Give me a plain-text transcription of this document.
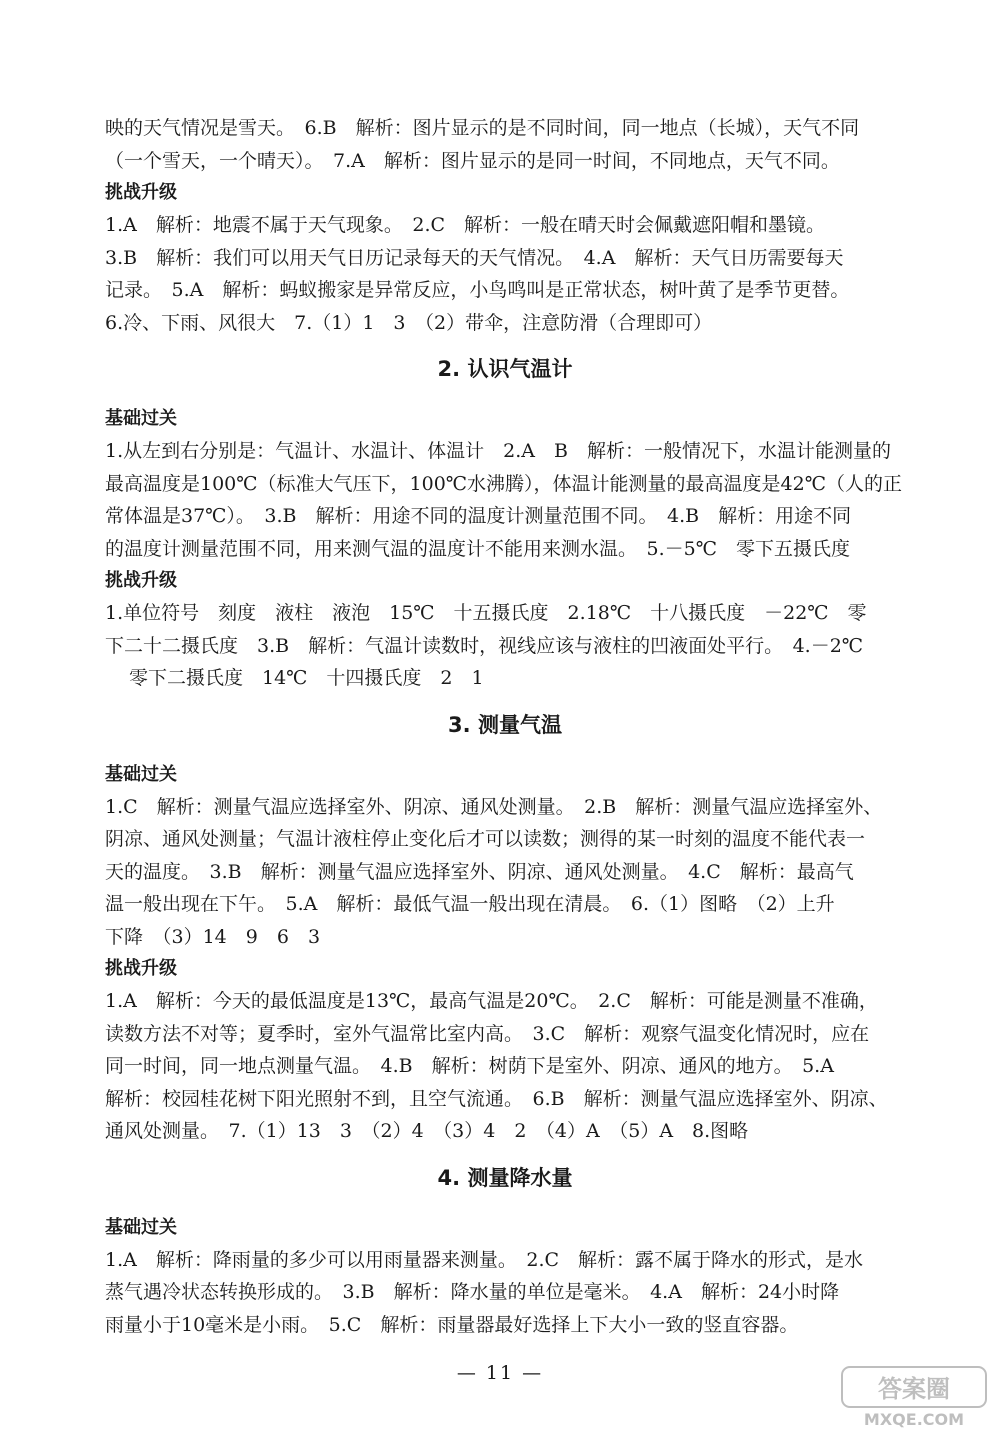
映的天气情况是雪天。　6.B　解析：图片显示的是不同时间，同一地点（长城），天气不同
（一个雪天，一个晴天）。　7.A　解析：图片显示的是同一时间，不同地点，天气不同。
挑战升级
1.A　解析：地震不属于天气现象。　2.C　解析：一般在晴天时会佩戴遮阳帽和墨镜。
3.B　解析：我们可以用天气日历记录每天的天气情况。　4.A　解析：天气日历需要每天
记录。　5.A　解析：蚂蚁搬家是异常反应，小鸟鸣叫是正常状态，树叶黄了是季节更替。
6.冷、下雨、风很大　7.（1）1　3　（2）带伞，注意防滑（合理即可）
2. 认识气温计
基础过关
1.从左到右分别是：气温计、水温计、体温计　2.A　B　解析：一般情况下，水温计能测量的
最高温度是100℃（标准大气压下，100℃水沸腾），体温计能测量的最高温度是42℃（人的正
常体温是37℃）。　3.B　解析：用途不同的温度计测量范围不同。　4.B　解析：用途不同
的温度计测量范围不同，用来测气温的温度计不能用来测水温。　5.－5℃　零下五摄氏度
挑战升级
1.单位符号　刻度　液柱　液泡　15℃　十五摄氏度　2.18℃　十八摄氏度　－22℃　零
下二十二摄氏度　3.B　解析：气温计读数时，视线应该与液柱的凹液面处平行。　4.－2℃
零下二摄氏度　14℃　十四摄氏度　2　1
3. 测量气温
基础过关
1.C　解析：测量气温应选择室外、阴凉、通风处测量。　2.B　解析：测量气温应选择室外、
阴凉、通风处测量；气温计液柱停止变化后才可以读数；测得的某一时刻的温度不能代表一
天的温度。　3.B　解析：测量气温应选择室外、阴凉、通风处测量。　4.C　解析：最高气
温一般出现在下午。　5.A　解析：最低气温一般出现在清晨。　6.（1）图略　（2）上升
下降　（3）14　9　6　3
挑战升级
1.A　解析：今天的最低温度是13℃，最高气温是20℃。　2.C　解析：可能是测量不准确，
读数方法不对等；夏季时，室外气温常比室内高。　3.C　解析：观察气温变化情况时，应在
同一时间，同一地点测量气温。　4.B　解析：树荫下是室外、阴凉、通风的地方。　5.A
解析：校园桂花树下阳光照射不到，且空气流通。　6.B　解析：测量气温应选择室外、阴凉、
通风处测量。　7.（1）13　3　（2）4　（3）4　2　（4）A　（5）A　8.图略
4. 测量降水量
基础过关
1.A　解析：降雨量的多少可以用雨量器来测量。　2.C　解析：露不属于降水的形式，是水
蒸气遇冷状态转换形成的。　3.B　解析：降水量的单位是毫米。　4.A　解析：24小时降
雨量小于10毫米是小雨。　5.C　解析：雨量器最好选择上下大小一致的竖直容器。
— 11 —
答案圈
MXQE.COM
